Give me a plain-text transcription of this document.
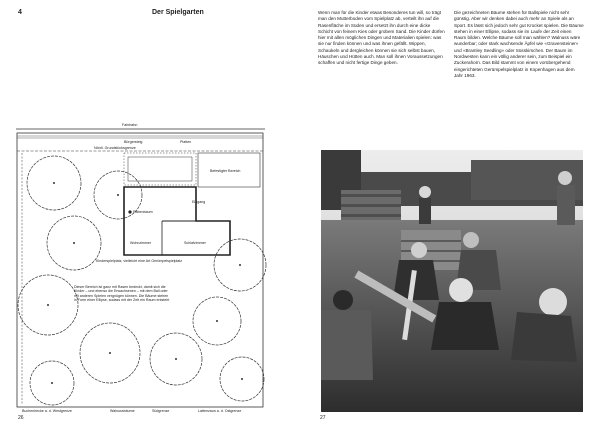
4	Der Spielgarten	Wenn man für die Kinder etwas Besonderes tun will, so trägt man den Mutterboden vom Spielplatz ab, verteilt ihn auf die Rasenfläche im Süden und ersetzt ihn durch eine dicke Schicht von feinem Kies oder grobem Sand. Die Kinder dürfen hier mit allen möglichen Dingen und Materialien spielen: was sie nur finden können und was ihnen gefällt. Wippen, Schaukeln und dergleichen können sie sich selbst bauen, Häuschen und Hütten auch. Man soll ihnen Voraussetzungen schaffen und nicht fertige Dinge geben.
Die gezeichneten Bäume stehen für Ballspiele nicht sehr günstig. Aber wir denken dabei auch mehr an Spiele als an Sport. Es lässt sich jedoch sehr gut Krocket spielen. Die Bäume stehen in einer Ellipse, sodass sie im Laufe der Zeit einen Raum bilden. Welche Bäume soll man wählen? Walnuss wäre wunderbar; oder stark wachsende Äpfel wie «Gravensteiner» und «Bramley Seedling» oder Süsskirschen. Der Baum im Nordwesten kann ein völlig anderer sein, zum Beispiel ein Zuckerahorn. Das Bild stammt von einem vorübergehend eingerichteten Gerümpelspielplatz in Kopenhagen aus dem Jahr 1963.
Fahrbahn
Bürgersteig	Platten
Nördl. Grundstücksgrenze
Befestigter Bereich
Eingang
Rabenbaum
Wohnzimmer	Schlafzimmer
Kinderspielplatz, vielleicht eine Art Gerümpelspielplatz
Dieser Bereich ist ganz mit Rasen bedeckt, damit sich die Kinder – und ebenso die Erwachsenen – mit dem Ball oder mit anderen Spielen vergnügen können. Die Bäume stehen in Form einer Ellipse, sodass mit der Zeit ein Raum entsteht
Buchenhecke a. d. Westgrenze	Walnussbäume	Südgrenze	Lattenzaun a. d. Ostgrenze
26	27
